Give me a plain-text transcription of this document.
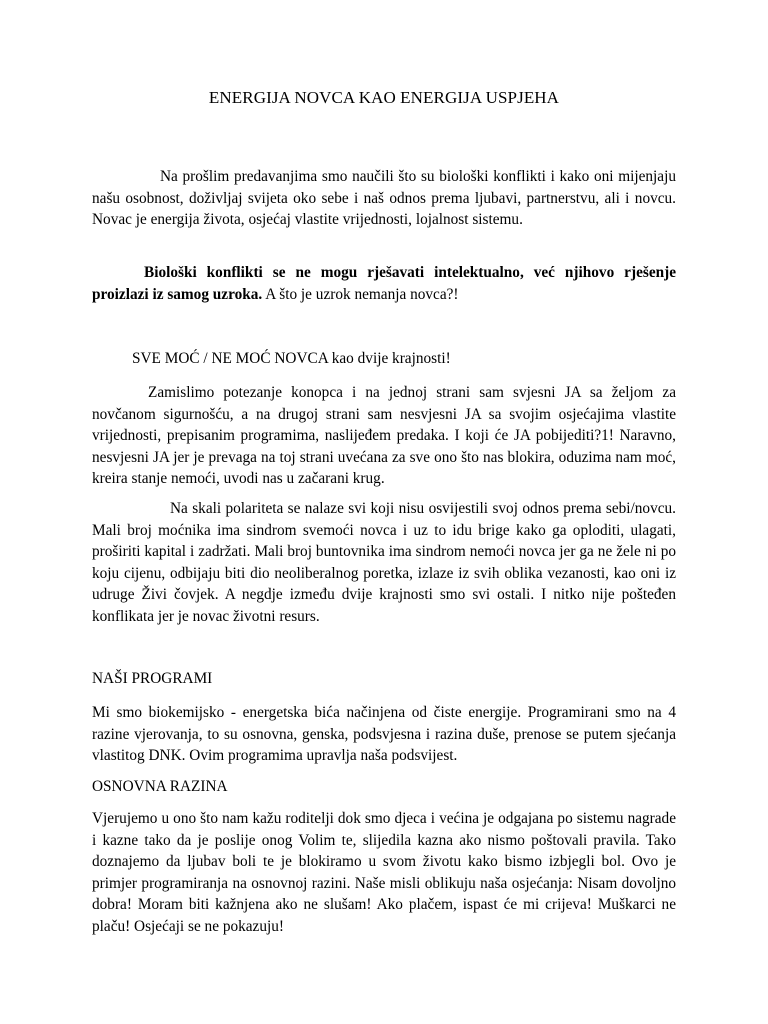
ENERGIJA NOVCA KAO ENERGIJA USPJEHA

Na prošlim predavanjima smo naučili što su biološki konflikti i kako oni mijenjaju našu osobnost, doživljaj svijeta oko sebe i naš odnos prema ljubavi, partnerstvu, ali i novcu. Novac je energija života, osjećaj vlastite vrijednosti, lojalnost sistemu.

Biološki konflikti se ne mogu rješavati intelektualno, već njihovo rješenje proizlazi iz samog uzroka. A što je uzrok nemanja novca?!

SVE MOĆ / NE MOĆ NOVCA kao dvije krajnosti!

Zamislimo potezanje konopca i na jednoj strani sam svjesni JA sa željom za novčanom sigurnošću, a na drugoj strani sam nesvjesni JA sa svojim osjećajima vlastite vrijednosti, prepisanim programima, naslijeđem predaka. I koji će JA pobijediti?1! Naravno, nesvjesni JA jer je prevaga na toj strani uvećana za sve ono što nas blokira, oduzima nam moć, kreira stanje nemoći, uvodi nas u začarani krug.

Na skali polariteta se nalaze svi koji nisu osvijestili svoj odnos prema sebi/novcu. Mali broj moćnika ima sindrom svemoći novca i uz to idu brige kako ga oploditi, ulagati, proširiti kapital i zadržati. Mali broj buntovnika ima sindrom nemoći novca jer ga ne žele ni po koju cijenu, odbijaju biti dio neoliberalnog poretka, izlaze iz svih oblika vezanosti, kao oni iz udruge Živi čovjek. A negdje između dvije krajnosti smo svi ostali. I nitko nije pošteđen konflikata jer je novac životni resurs.

NAŠI PROGRAMI

Mi smo biokemijsko - energetska bića načinjena od čiste energije. Programirani smo na 4 razine vjerovanja, to su osnovna, genska, podsvjesna i razina duše, prenose se putem sjećanja vlastitog DNK. Ovim programima upravlja naša podsvijest.

OSNOVNA RAZINA

Vjerujemo u ono što nam kažu roditelji dok smo djeca i većina je odgajana po sistemu nagrade i kazne tako da je poslije onog Volim te, slijedila kazna ako nismo poštovali pravila. Tako doznajemo da ljubav boli te je blokiramo u svom životu kako bismo izbjegli bol. Ovo je primjer programiranja na osnovnoj razini. Naše misli oblikuju naša osjećanja: Nisam dovoljno dobra! Moram biti kažnjena ako ne slušam! Ako plačem, ispast će mi crijeva! Muškarci ne plaču! Osjećaji se ne pokazuju!
